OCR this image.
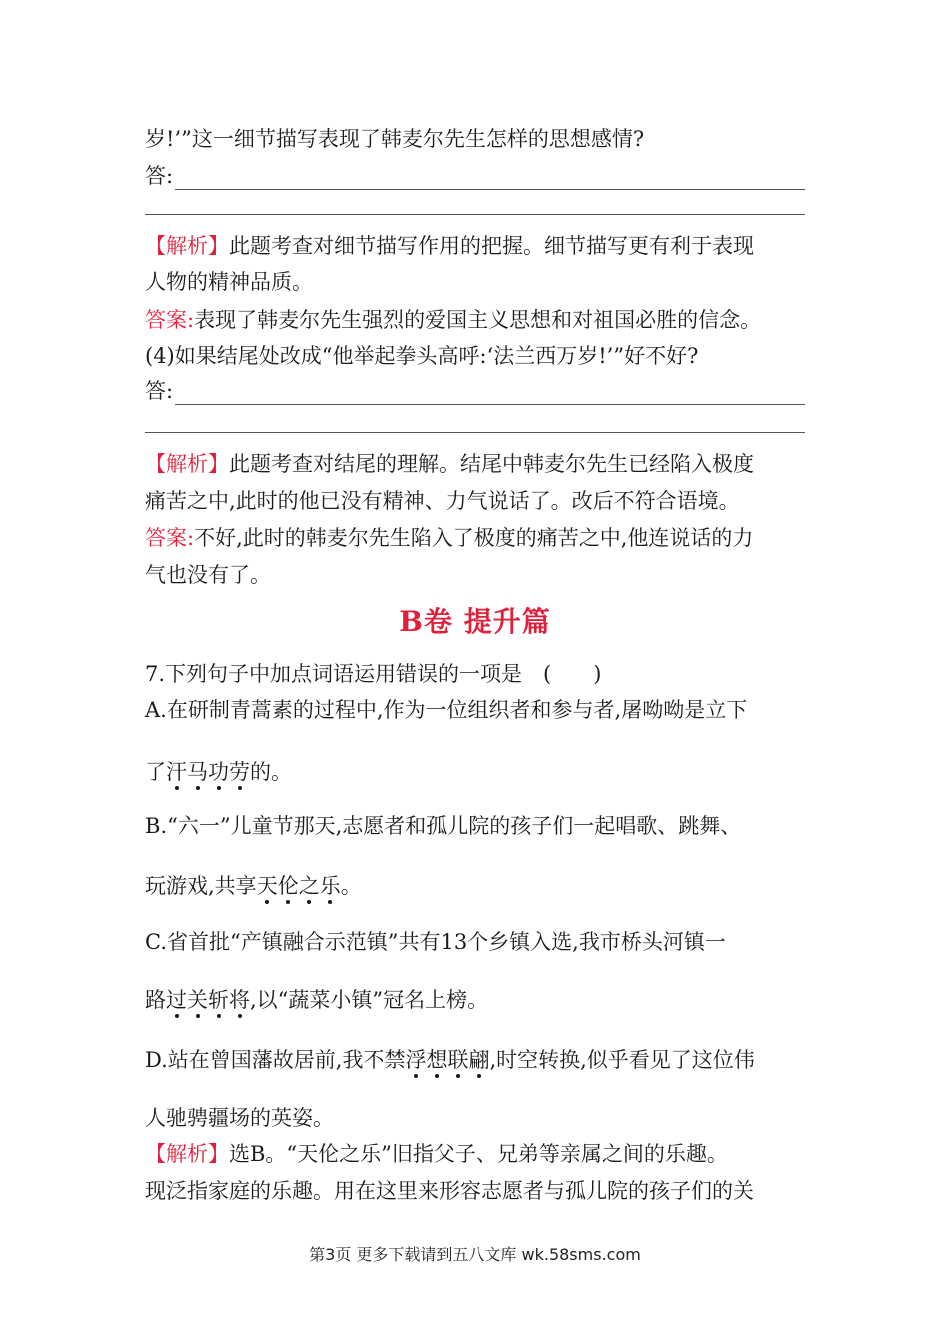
岁!’”这一细节描写表现了韩麦尔先生怎样的思想感情?
答:
【解析】此题考查对细节描写作用的把握。细节描写更有利于表现
人物的精神品质。
答案:表现了韩麦尔先生强烈的爱国主义思想和对祖国必胜的信念。
(4)如果结尾处改成“他举起拳头高呼:‘法兰西万岁!’”好不好?
答:
【解析】此题考查对结尾的理解。结尾中韩麦尔先生已经陷入极度
痛苦之中,此时的他已没有精神、力气说话了。改后不符合语境。
答案:不好,此时的韩麦尔先生陷入了极度的痛苦之中,他连说话的力
气也没有了。
B卷 提升篇
7.下列句子中加点词语运用错误的一项是　(　　)
A.在研制青蒿素的过程中,作为一位组织者和参与者,屠呦呦是立下
了汗马功劳的。
B.“六一”儿童节那天,志愿者和孤儿院的孩子们一起唱歌、跳舞、
玩游戏,共享天伦之乐。
C.省首批“产镇融合示范镇”共有13个乡镇入选,我市桥头河镇一
路过关斩将,以“蔬菜小镇”冠名上榜。
D.站在曾国藩故居前,我不禁浮想联翩,时空转换,似乎看见了这位伟
人驰骋疆场的英姿。
【解析】选B。“天伦之乐”旧指父子、兄弟等亲属之间的乐趣。
现泛指家庭的乐趣。用在这里来形容志愿者与孤儿院的孩子们的关
第3页 更多下载请到五八文库 wk.58sms.com
